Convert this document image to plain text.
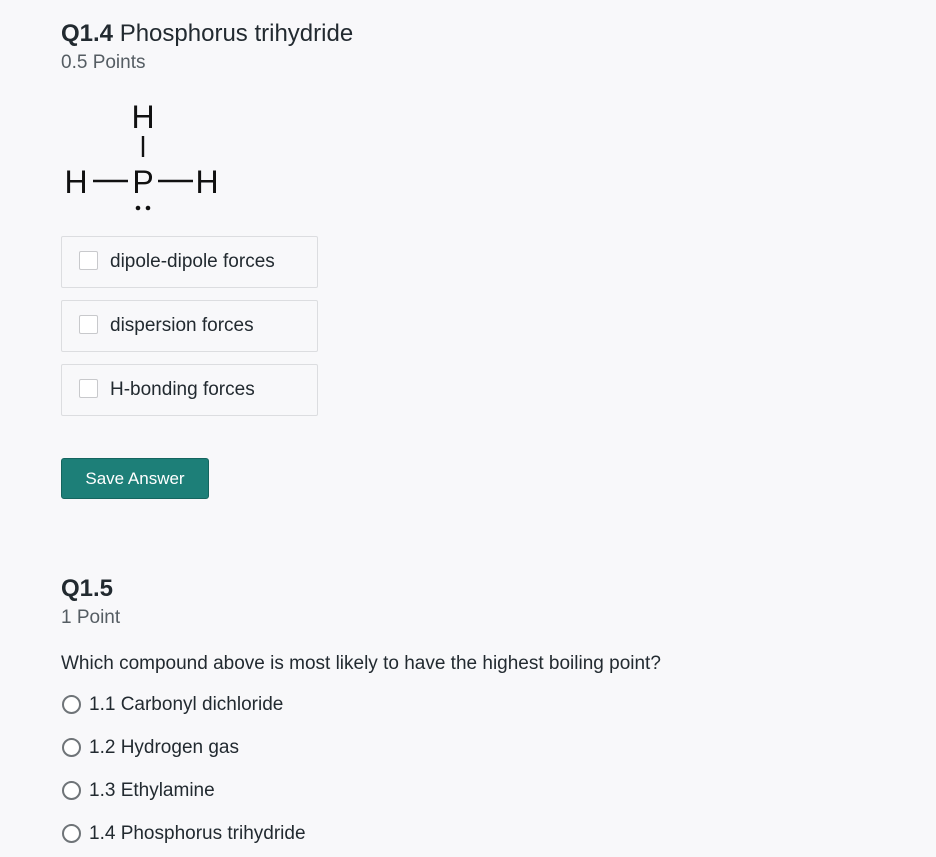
Q1.4 Phosphorus trihydride
0.5 Points
H
H P H
dipole-dipole forces
dispersion forces
H-bonding forces
Save Answer
Q1.5
1 Point
Which compound above is most likely to have the highest boiling point?
1.1 Carbonyl dichloride
1.2 Hydrogen gas
1.3 Ethylamine
1.4 Phosphorus trihydride
